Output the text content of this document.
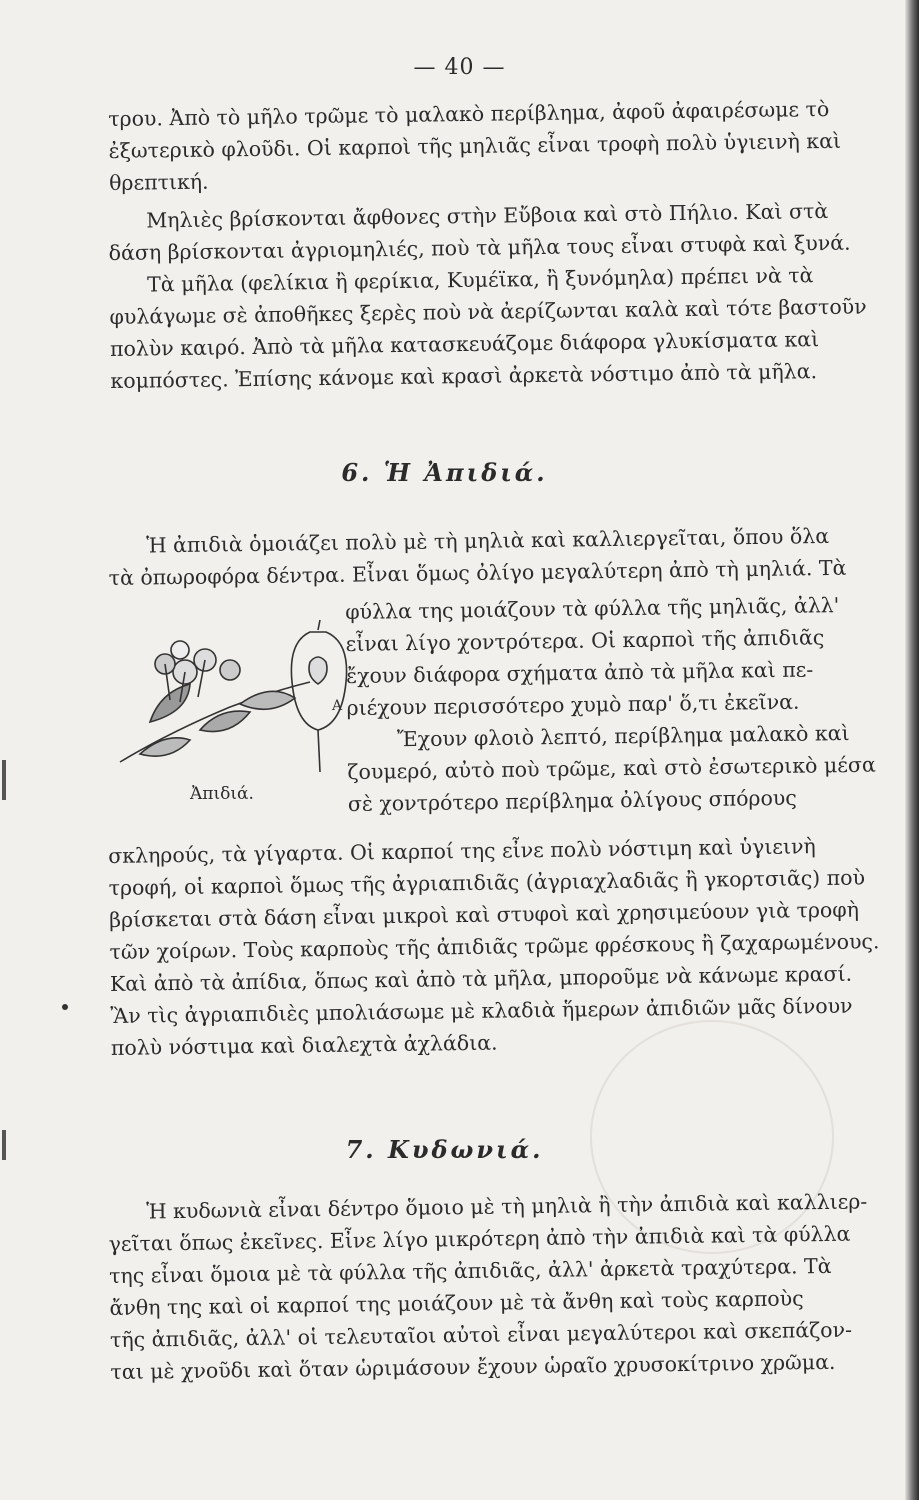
— 40 —
τρου. Ἀπὸ τὸ μῆλο τρῶμε τὸ μαλακὸ περίβλημα, ἀφοῦ ἀφαιρέσωμε τὸ
ἐξωτερικὸ φλοῦδι. Οἱ καρποὶ τῆς μηλιᾶς εἶναι τροφὴ πολὺ ὑγιεινὴ καὶ
θρεπτική.
Μηλιὲς βρίσκονται ἄφθονες στὴν Εὔβοια καὶ στὸ Πήλιο. Καὶ στὰ
δάση βρίσκονται ἀγριομηλιές, ποὺ τὰ μῆλα τους εἶναι στυφὰ καὶ ξυνά.
Τὰ μῆλα (φελίκια ἢ φερίκια, Κυμέϊκα, ἢ ξυνόμηλα) πρέπει νὰ τὰ
φυλάγωμε σὲ ἀποθῆκες ξερὲς ποὺ νὰ ἀερίζωνται καλὰ καὶ τότε βαστοῦν
πολὺν καιρό. Ἀπὸ τὰ μῆλα κατασκευάζομε διάφορα γλυκίσματα καὶ
κομπόστες. Ἐπίσης κάνομε καὶ κρασὶ ἀρκετὰ νόστιμο ἀπὸ τὰ μῆλα.
6. Ἡ Ἀπιδιά.
Ἡ ἀπιδιὰ ὁμοιάζει πολὺ μὲ τὴ μηλιὰ καὶ καλλιεργεῖται, ὅπου ὅλα
τὰ ὀπωροφόρα δέντρα. Εἶναι ὅμως ὀλίγο μεγαλύτερη ἀπὸ τὴ μηλιά. Τὰ
A
Ἀπιδιά.
φύλλα της μοιάζουν τὰ φύλλα τῆς μηλιᾶς, ἀλλ'
εἶναι λίγο χοντρότερα. Οἱ καρποὶ τῆς ἀπιδιᾶς
ἔχουν διάφορα σχήματα ἀπὸ τὰ μῆλα καὶ πε-
ριέχουν περισσότερο χυμὸ παρ' ὅ,τι ἐκεῖνα.
Ἔχουν φλοιὸ λεπτό, περίβλημα μαλακὸ καὶ
ζουμερό, αὐτὸ ποὺ τρῶμε, καὶ στὸ ἐσωτερικὸ μέσα
σὲ χοντρότερο περίβλημα ὀλίγους σπόρους
σκληρούς, τὰ γίγαρτα. Οἱ καρποί της εἶνε πολὺ νόστιμη καὶ ὑγιεινὴ
τροφή, οἱ καρποὶ ὅμως τῆς ἀγριαπιδιᾶς (ἀγριαχλαδιᾶς ἢ γκορτσιᾶς) ποὺ
βρίσκεται στὰ δάση εἶναι μικροὶ καὶ στυφοὶ καὶ χρησιμεύουν γιὰ τροφὴ
τῶν χοίρων. Τοὺς καρποὺς τῆς ἀπιδιᾶς τρῶμε φρέσκους ἢ ζαχαρωμένους.
Καὶ ἀπὸ τὰ ἀπίδια, ὅπως καὶ ἀπὸ τὰ μῆλα, μποροῦμε νὰ κάνωμε κρασί.
Ἂν τὶς ἀγριαπιδιὲς μπολιάσωμε μὲ κλαδιὰ ἥμερων ἀπιδιῶν μᾶς δίνουν
πολὺ νόστιμα καὶ διαλεχτὰ ἀχλάδια.
7. Κυδωνιά.
Ἡ κυδωνιὰ εἶναι δέντρο ὅμοιο μὲ τὴ μηλιὰ ἢ τὴν ἀπιδιὰ καὶ καλλιερ-
γεῖται ὅπως ἐκεῖνες. Εἶνε λίγο μικρότερη ἀπὸ τὴν ἀπιδιὰ καὶ τὰ φύλλα
της εἶναι ὅμοια μὲ τὰ φύλλα τῆς ἀπιδιᾶς, ἀλλ' ἀρκετὰ τραχύτερα. Τὰ
ἄνθη της καὶ οἱ καρποί της μοιάζουν μὲ τὰ ἄνθη καὶ τοὺς καρποὺς
τῆς ἀπιδιᾶς, ἀλλ' οἱ τελευταῖοι αὐτοὶ εἶναι μεγαλύτεροι καὶ σκεπάζον-
ται μὲ χνοῦδι καὶ ὅταν ὡριμάσουν ἔχουν ὡραῖο χρυσοκίτρινο χρῶμα.
